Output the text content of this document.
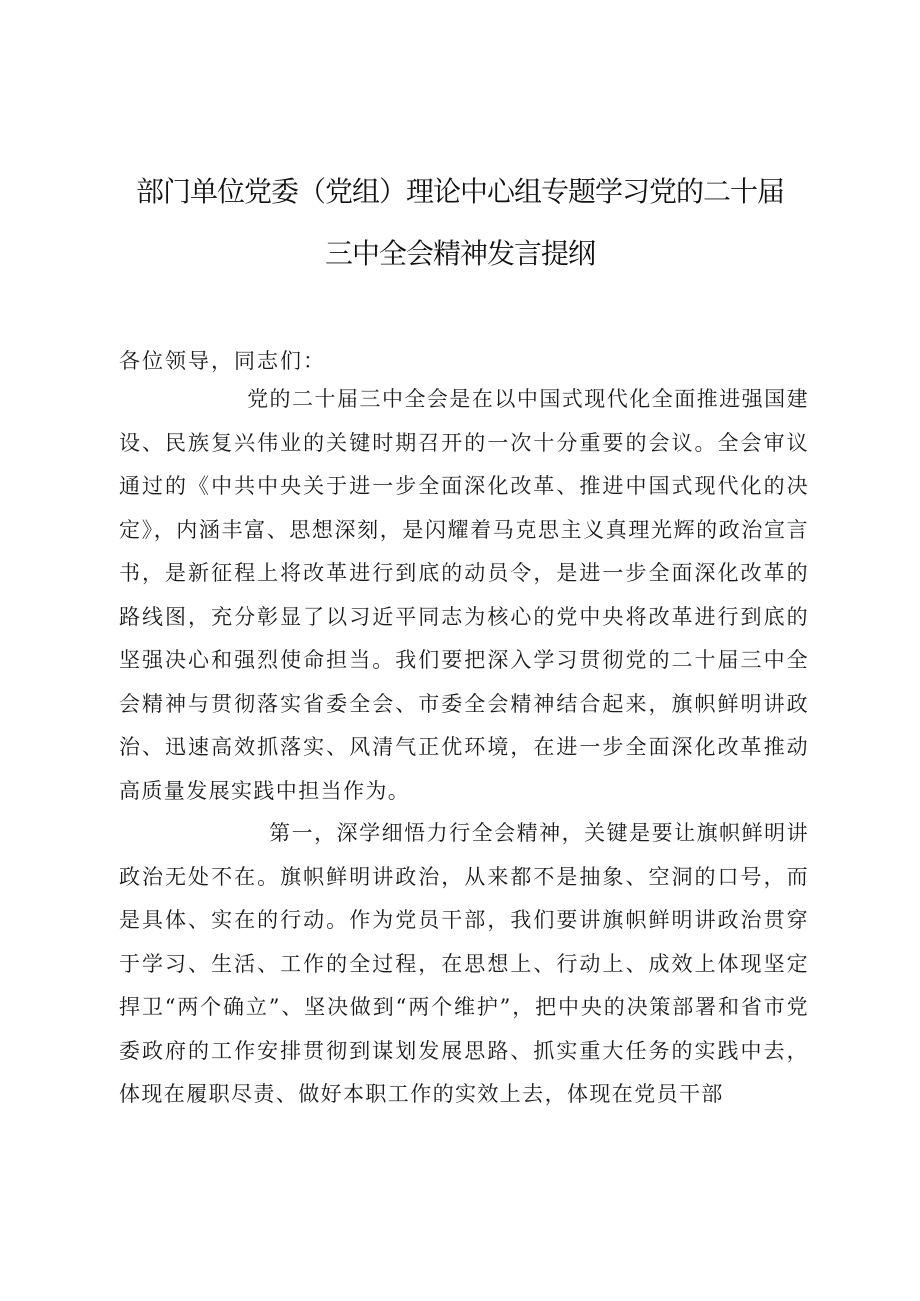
部门单位党委（党组）理论中心组专题学习党的二十届
三中全会精神发言提纲
各位领导，同志们：
党的二十届三中全会是在以中国式现代化全面推进强国建设、民族复兴伟业的关键时期召开的一次十分重要的会议。全会审议通过的《中共中央关于进一步全面深化改革、推进中国式现代化的决定》，内涵丰富、思想深刻，是闪耀着马克思主义真理光辉的政治宣言书，是新征程上将改革进行到底的动员令，是进一步全面深化改革的路线图，充分彰显了以习近平同志为核心的党中央将改革进行到底的坚强决心和强烈使命担当。我们要把深入学习贯彻党的二十届三中全会精神与贯彻落实省委全会、市委全会精神结合起来，旗帜鲜明讲政治、迅速高效抓落实、风清气正优环境，在进一步全面深化改革推动高质量发展实践中担当作为。
第一，深学细悟力行全会精神，关键是要让旗帜鲜明讲政治无处不在。旗帜鲜明讲政治，从来都不是抽象、空洞的口号，而是具体、实在的行动。作为党员干部，我们要讲旗帜鲜明讲政治贯穿于学习、生活、工作的全过程，在思想上、行动上、成效上体现坚定捍卫“两个确立”、坚决做到“两个维护”，把中央的决策部署和省市党委政府的工作安排贯彻到谋划发展思路、抓实重大任务的实践中去，体现在履职尽责、做好本职工作的实效上去，体现在党员干部
